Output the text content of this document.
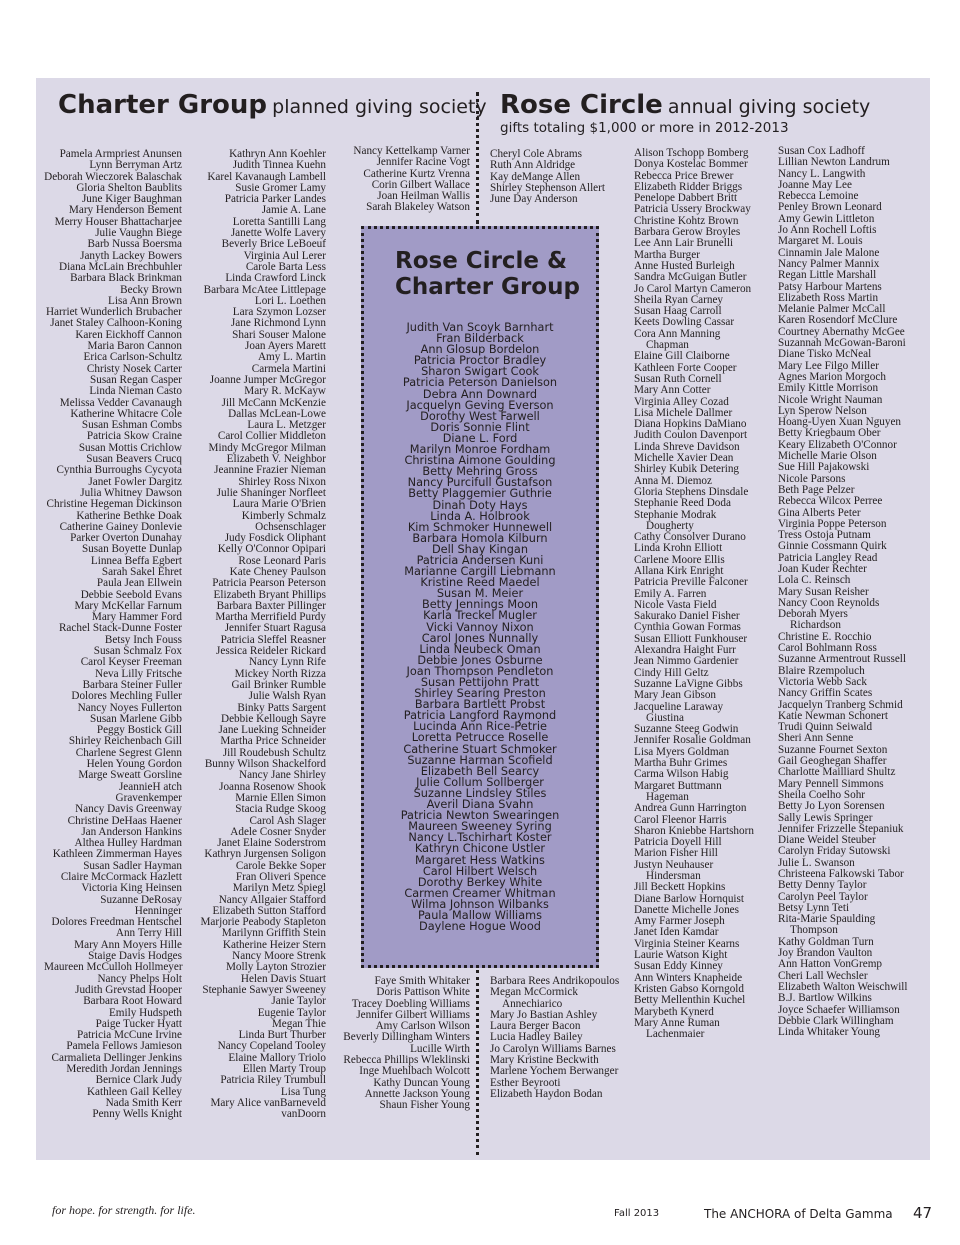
Charter Group planned giving society Rose Circle annual giving society
gifts totaling $1,000 or more in 2012-2013
Pamela Armpriest Anunsen
Lynn Berryman Artz
Deborah Wieczorek Balaschak
Gloria Shelton Baublits
June Kiger Baughman
Mary Henderson Bement
Merry Houser Bhattacharjee
Julie Vaughn Biege
Barb Nussa Boersma
Janyth Lackey Bowers
Diana McLain Brechbuhler
Barbara Black Brinkman
Becky Brown
Lisa Ann Brown
Harriet Wunderlich Brubacher
Janet Staley Calhoon-Koning
Karen Eickhoff Cannon
Maria Baron Cannon
Erica Carlson-Schultz
Christy Nosek Carter
Susan Regan Casper
Linda Nieman Casto
Melissa Vedder Cavanaugh
Katherine Whitacre Cole
Susan Eshman Combs
Patricia Skow Craine
Susan Mottis Crichlow
Susan Beavers Crucq
Cynthia Burroughs Cycyota
Janet Fowler Dargitz
Julia Whitney Dawson
Christine Hegeman Dickinson
Katherine Bethke Doak
Catherine Gainey Donlevie
Parker Overton Dunahay
Susan Boyette Dunlap
Linnea Beffa Egbert
Sarah Sakel Ehret
Paula Jean Ellwein
Debbie Seebold Evans
Mary McKellar Farnum
Mary Hammer Ford
Rachel Stack-Dunne Foster
Betsy Inch Fouss
Susan Schmalz Fox
Carol Keyser Freeman
Neva Lilly Fritsche
Barbara Steiner Fuller
Dolores Mechling Fuller
Nancy Noyes Fullerton
Susan Marlene Gibb
Peggy Bostick Gill
Shirley Reichenbach Gill
Charlene Segrest Glenn
Helen Young Gordon
Marge Sweatt Gorsline
JeannieH atch
Gravenkemper
Nancy Davis Greenway
Christine DeHaas Haener
Jan Anderson Hankins
Althea Hulley Hardman
Kathleen Zimmerman Hayes
Susan Sadler Hayman
Claire McCormack Hazlett
Victoria King Heinsen
Suzanne DeRosay
Henninger
Dolores Freedman Hentschel
Ann Terry Hill
Mary Ann Moyers Hille
Staige Davis Hodges
Maureen McCulloh Hollmeyer
Nancy Phelps Holt
Judith Grevstad Hooper
Barbara Root Howard
Emily Hudspeth
Paige Tucker Hyatt
Patricia McCune Irvine
Pamela Fellows Jamieson
Carmalieta Dellinger Jenkins
Meredith Jordan Jennings
Bernice Clark Judy
Kathleen Gail Kelley
Nada Smith Kerr
Penny Wells Knight
Kathryn Ann Koehler
Judith Tinnea Kuehn
Karel Kavanaugh Lambell
Susie Gromer Lamy
Patricia Parker Landes
Jamie A. Lane
Loretta Santilli Lang
Janette Wolfe Lavery
Beverly Brice LeBoeuf
Virginia Aul Lerer
Carole Barta Less
Linda Crawford Linck
Barbara McAtee Littlepage
Lori L. Loethen
Lara Szymon Lozser
Jane Richmond Lynn
Shari Souser Malone
Joan Ayers Marett
Amy L. Martin
Carmela Martini
Joanne Jumper McGregor
Mary R. McKayw
Jill McCann McKenzie
Dallas McLean-Lowe
Laura L. Metzger
Carol Collier Middleton
Mindy McGregor Milman
Elizabeth V. Neighbor
Jeannine Frazier Nieman
Shirley Ross Nixon
Julie Shaninger Norfleet
Laura Marie O'Brien
Kimberly Schmalz
Ochsenschlager
Judy Fosdick Oliphant
Kelly O'Connor Opipari
Rose Leonard Paris
Kate Cheney Paulson
Patricia Pearson Peterson
Elizabeth Bryant Phillips
Barbara Baxter Pillinger
Martha Merrifield Purdy
Jennifer Stuart Ragusa
Patricia Sleffel Reasner
Jessica Reideler Rickard
Nancy Lynn Rife
Mickey North Rizza
Gail Brinker Rumble
Julie Walsh Ryan
Binky Patts Sargent
Debbie Kellough Sayre
Jane Lueking Schneider
Martha Price Schneider
Jill Roudebush Schultz
Bunny Wilson Shackelford
Nancy Jane Shirley
Joanna Rosenow Shook
Marnie Ellen Simon
Stacia Rudge Skoog
Carol Ash Slager
Adele Cosner Snyder
Janet Elaine Soderstrom
Kathryn Jurgensen Soligon
Carole Bekke Soper
Fran Oliveri Spence
Marilyn Metz Spiegl
Nancy Allgaier Stafford
Elizabeth Sutton Stafford
Marjorie Peabody Stapleton
Marilynn Griffith Stein
Katherine Heizer Stern
Nancy Moore Strenk
Molly Layton Strozier
Helen Davis Stuart
Stephanie Sawyer Sweeney
Janie Taylor
Eugenie Taylor
Megan Thie
Linda Burt Thurber
Nancy Copeland Tooley
Elaine Mallory Triolo
Ellen Marty Troup
Patricia Riley Trumbull
Lisa Tung
Mary Alice vanBarneveld
vanDoorn
Nancy Kettelkamp Varner
Jennifer Racine Vogt
Catherine Kurtz Vrenna
Corin Gilbert Wallace
Joan Heilman Wallis
Sarah Blakeley Watson
Faye Smith Whitaker
Doris Pattison White
Tracey Doebling Williams
Jennifer Gilbert Williams
Amy Carlson Wilson
Beverly Dillingham Winters
Lucille Wirth
Rebecca Phillips Wleklinski
Inge Muehlbach Wolcott
Kathy Duncan Young
Annette Jackson Young
Shaun Fisher Young
Cheryl Cole Abrams
Ruth Ann Aldridge
Kay deMange Allen
Shirley Stephenson Allert
June Day Anderson
Barbara Rees Andrikopoulos
Megan McCormick
Annechiarico
Mary Jo Bastian Ashley
Laura Berger Bacon
Lucia Hadley Bailey
Jo Carolyn Williams Barnes
Mary Kristine Beckwith
Marlene Yochem Berwanger
Esther Beyrooti
Elizabeth Haydon Bodan
Alison Tschopp Bomberg
Donya Kostelac Bommer
Rebecca Price Brewer
Elizabeth Ridder Briggs
Penelope Dabbert Britt
Patricia Ussery Brockway
Christine Kohtz Brown
Barbara Gerow Broyles
Lee Ann Lair Brunelli
Martha Burger
Anne Husted Burleigh
Sandra McGuigan Butler
Jo Carol Martyn Cameron
Sheila Ryan Carney
Susan Haag Carroll
Keets Dowling Cassar
Cora Ann Manning
Chapman
Elaine Gill Claiborne
Kathleen Forte Cooper
Susan Ruth Cornell
Mary Ann Cotter
Virginia Alley Cozad
Lisa Michele Dallmer
Diana Hopkins DaMiano
Judith Coulon Davenport
Linda Shreve Davidson
Michelle Xavier Dean
Shirley Kubik Detering
Anna M. Diemoz
Gloria Stephens Dinsdale
Stephanie Reed Doda
Stephanie Modrak
Dougherty
Cathy Consolver Durano
Linda Krohn Elliott
Carlene Moore Ellis
Allana Kirk Enright
Patricia Preville Falconer
Emily A. Farren
Nicole Vasta Field
Sakurako Daniel Fisher
Cynthia Gowan Formas
Susan Elliott Funkhouser
Alexandra Haight Furr
Jean Nimmo Gardenier
Cindy Hill Geltz
Suzanne LaVigne Gibbs
Mary Jean Gibson
Jacqueline Laraway
Giustina
Suzanne Steeg Godwin
Jennifer Rosalie Goldman
Lisa Myers Goldman
Martha Buhr Grimes
Carma Wilson Habig
Margaret Buttmann
Hageman
Andrea Gunn Harrington
Carol Fleenor Harris
Sharon Kniebbe Hartshorn
Patricia Doyell Hill
Marion Fisher Hill
Justyn Neuhauser
Hindersman
Jill Beckett Hopkins
Diane Barlow Hornquist
Danette Michelle Jones
Amy Farmer Joseph
Janet Iden Kamdar
Virginia Steiner Kearns
Laurie Watson Kight
Susan Eddy Kinney
Ann Winters Knapheide
Kristen Gabso Korngold
Betty Mellenthin Kuchel
Marybeth Kynerd
Mary Anne Ruman
Lachenmaier
Susan Cox Ladhoff
Lillian Newton Landrum
Nancy L. Langwith
Joanne May Lee
Rebecca Lemoine
Penley Brown Leonard
Amy Gewin Littleton
Jo Ann Rochell Loftis
Margaret M. Louis
Cinnamin Jale Malone
Nancy Palmer Mannix
Regan Little Marshall
Patsy Harbour Martens
Elizabeth Ross Martin
Melanie Palmer McCall
Karen Rosendorf McClure
Courtney Abernathy McGee
Suzannah McGowan-Baroni
Diane Tisko McNeal
Mary Lee Filgo Miller
Agnes Marion Morgoch
Emily Kittle Morrison
Nicole Wright Nauman
Lyn Sperow Nelson
Hoang-Uyen Xuan Nguyen
Betty Kriegbaum Ober
Keary Elizabeth O'Connor
Michelle Marie Olson
Sue Hill Pajakowski
Nicole Parsons
Beth Page Pelzer
Rebecca Wilcox Perree
Gina Alberts Peter
Virginia Poppe Peterson
Tress Ostoja Putnam
Ginnie Cossmann Quirk
Patricia Langley Read
Joan Kuder Rechter
Lola C. Reinsch
Mary Susan Reisher
Nancy Coon Reynolds
Deborah Myers
Richardson
Christine E. Rocchio
Carol Bohlmann Ross
Suzanne Armentrout Russell
Blaire Rzempoluch
Victoria Webb Sack
Nancy Griffin Scates
Jacquelyn Tranberg Schmid
Katie Newman Schonert
Trudi Quinn Seiwald
Sheri Ann Senne
Suzanne Fournet Sexton
Gail Geoghegan Shaffer
Charlotte Mailliard Shultz
Mary Pennell Simmons
Sheila Coelho Sohr
Betty Jo Lyon Sorensen
Sally Lewis Springer
Jennifer Frizzelle Stepaniuk
Diane Weidel Steuber
Carolyn Friday Sutowski
Julie L. Swanson
Christeena Falkowski Tabor
Betty Denny Taylor
Carolyn Peel Taylor
Betsy Lynn Teti
Rita-Marie Spaulding
Thompson
Kathy Goldman Turn
Joy Brandon Vaulton
Ann Hatton VonGremp
Cheri Lall Wechsler
Elizabeth Walton Weischwill
B.J. Bartlow Wilkins
Joyce Schaefer Williamson
Debbie Clark Willingham
Linda Whitaker Young
Rose Circle & Charter Group
Judith Van Scoyk Barnhart
Fran Bilderback
Ann Glosup Bordelon
Patricia Proctor Bradley
Sharon Swigart Cook
Patricia Peterson Danielson
Debra Ann Downard
Jacquelyn Geving Everson
Dorothy West Farwell
Doris Sonnie Flint
Diane L. Ford
Marilyn Monroe Fordham
Christina Aimone Goulding
Betty Mehring Gross
Nancy Purcifull Gustafson
Betty Plaggemier Guthrie
Dinah Doty Hays
Linda A. Holbrook
Kim Schmoker Hunnewell
Barbara Homola Kilburn
Dell Shay Kingan
Patricia Andersen Kuni
Marianne Cargill Liebmann
Kristine Reed Maedel
Susan M. Meier
Betty Jennings Moon
Karla Treckel Mugler
Vicki Vannoy Nixon
Carol Jones Nunnally
Linda Neubeck Oman
Debbie Jones Osburne
Joan Thompson Pendleton
Susan Pettijohn Pratt
Shirley Searing Preston
Barbara Bartlett Probst
Patricia Langford Raymond
Lucinda Ann Rice-Petrie
Loretta Petrucce Roselle
Catherine Stuart Schmoker
Suzanne Harman Scofield
Elizabeth Bell Searcy
Julie Collum Sollberger
Suzanne Lindsley Stiles
Averil Diana Svahn
Patricia Newton Swearingen
Maureen Sweeney Syring
Nancy L.Tschirhart Koster
Kathryn Chicone Ustler
Margaret Hess Watkins
Carol Hilbert Welsch
Dorothy Berkey White
Carmen Creamer Whitman
Wilma Johnson Wilbanks
Paula Mallow Williams
Daylene Hogue Wood
for hope. for strength. for life.	Fall 2013	The ANCHORA of Delta Gamma 47
